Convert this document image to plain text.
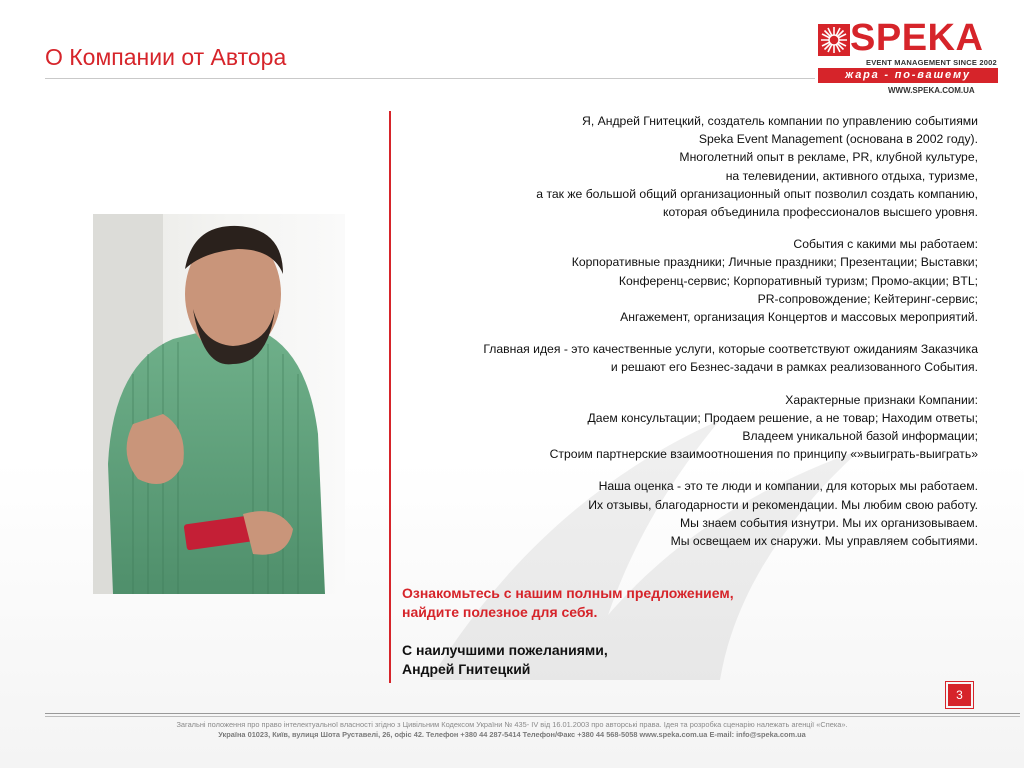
О Компании от Автора	SPEKA
EVENT MANAGEMENT SINCE 2002
жара - по-вашему
WWW.SPEKA.COM.UA
Я, Андрей Гнитецкий, создатель компании по управлению событиями
Speka Event Management (основана в 2002 году).
Многолетний опыт в рекламе, PR, клубной культуре,
на телевидении, активного отдыха, туризме,
а так же большой общий организационный опыт позволил создать компанию,
которая объединила профессионалов высшего уровня.
События с какими мы работаем:
Корпоративные праздники; Личные праздники; Презентации; Выставки;
Конференц-сервис; Корпоративный туризм; Промо-акции; BTL;
PR-сопровождение; Кейтеринг-сервис;
Ангажемент, организация Концертов и массовых мероприятий.
Главная идея - это качественные услуги, которые соответствуют ожиданиям Заказчика
и решают его Безнес-задачи в рамках реализованного События.
Характерные признаки Компании:
Даем консультации; Продаем решение, а не товар; Находим ответы;
Владеем уникальной базой информации;
Строим партнерские взаимоотношения по принципу «»выиграть-выиграть»
Наша оценка - это те люди и компании, для которых мы работаем.
Их отзывы, благодарности и рекомендации. Мы любим свою работу.
Мы знаем события изнутри. Мы их организовываем.
Мы освещаем их снаружи. Мы управляем событиями.
Ознакомьтесь с нашим полным предложением,
найдите полезное для себя.
С наилучшими пожеланиями,
Андрей Гнитецкий
3
Загальні положення про право інтелектуальної власності згідно з Цивільним Кодексом України № 435- IV від 16.01.2003 про авторські права. Ідея та розробка сценарію належать агенції «Спека».
Україна 01023, Київ, вулиця Шота Руставелі, 26, офіс 42. Телефон +380 44 287-5414 Телефон/Факс +380 44 568-5058 www.speka.com.ua E-mail: info@speka.com.ua
